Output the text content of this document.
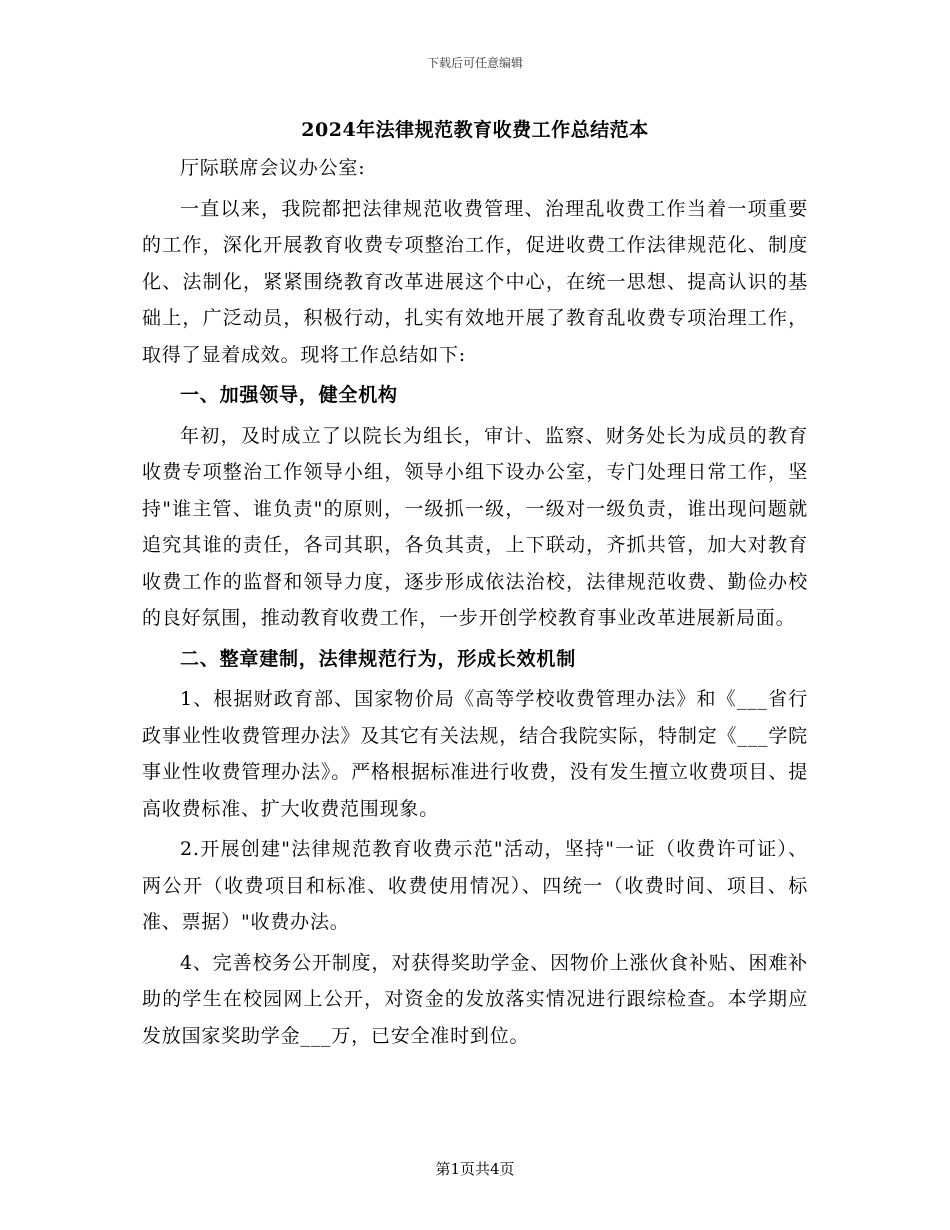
下载后可任意编辑
2024年法律规范教育收费工作总结范本

厅际联席会议办公室:

一直以来，我院都把法律规范收费管理、治理乱收费工作当着一项重要的工作，深化开展教育收费专项整治工作，促进收费工作法律规范化、制度化、法制化，紧紧围绕教育改革进展这个中心，在统一思想、提高认识的基础上，广泛动员，积极行动，扎实有效地开展了教育乱收费专项治理工作，取得了显着成效。现将工作总结如下:

一、加强领导，健全机构

年初，及时成立了以院长为组长，审计、监察、财务处长为成员的教育收费专项整治工作领导小组，领导小组下设办公室，专门处理日常工作，坚持"谁主管、谁负责"的原则，一级抓一级，一级对一级负责，谁出现问题就追究其谁的责任，各司其职，各负其责，上下联动，齐抓共管，加大对教育收费工作的监督和领导力度，逐步形成依法治校，法律规范收费、勤俭办校的良好氛围，推动教育收费工作，一步开创学校教育事业改革进展新局面。

二、整章建制，法律规范行为，形成长效机制

1、根据财政育部、国家物价局《高等学校收费管理办法》和《___省行政事业性收费管理办法》及其它有关法规，结合我院实际，特制定《___学院事业性收费管理办法》。严格根据标准进行收费，没有发生擅立收费项目、提高收费标准、扩大收费范围现象。

2.开展创建"法律规范教育收费示范"活动，坚持"一证（收费许可证）、两公开（收费项目和标准、收费使用情况）、四统一（收费时间、项目、标准、票据）"收费办法。

4、完善校务公开制度，对获得奖助学金、因物价上涨伙食补贴、困难补助的学生在校园网上公开，对资金的发放落实情况进行跟综检查。本学期应发放国家奖助学金___万，已安全准时到位。

第1页共4页
